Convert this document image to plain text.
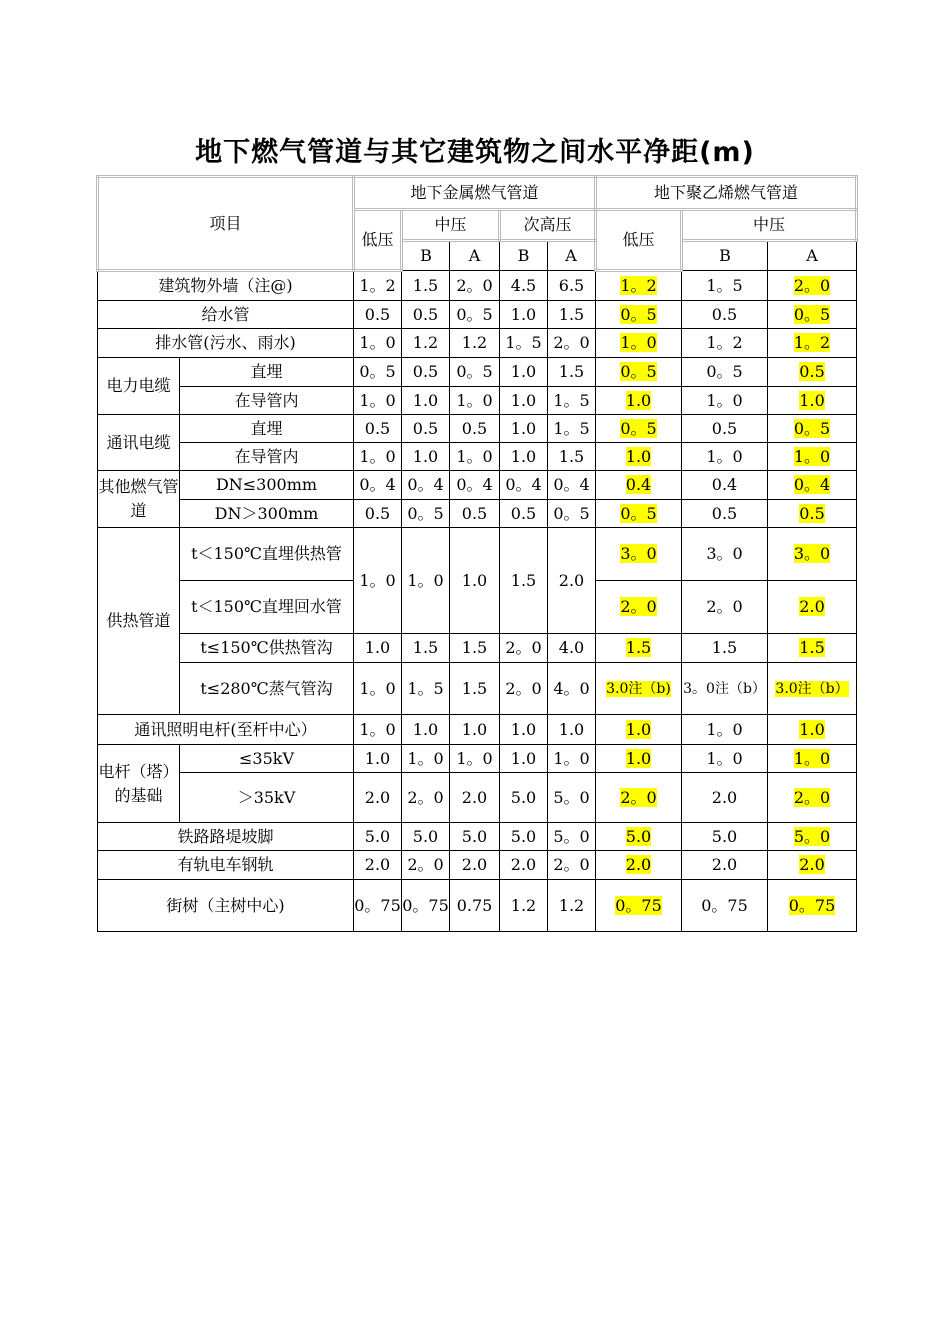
地下燃气管道与其它建筑物之间水平净距(m)
项目		地下金属燃气管道					地下聚乙烯燃气管道		
		低压	中压		次高压		低压	中压	
			B	A	B	A		B	A
建筑物外墙（注@)		1。2	1.5	2。0	4.5	6.5	1。2	1。5	2。0
给水管		0.5	0.5	0。5	1.0	1.5	0。5	0.5	0。5
排水管(污水、雨水)		1。0	1.2	1.2	1。5	2。0	1。0	1。2	1。2
电力电缆	直埋	0。5	0.5	0。5	1.0	1.5	0。5	0。5	0.5
	在导管内	1。0	1.0	1。0	1.0	1。5	1.0	1。0	1.0
通讯电缆	直埋	0.5	0.5	0.5	1.0	1。5	0。5	0.5	0。5
	在导管内	1。0	1.0	1。0	1.0	1.5	1.0	1。0	1。0
其他燃气管道	DN≤300mm	0。4	0。4	0。4	0。4	0。4	0.4	0.4	0。4
	DN＞300mm	0.5	0。5	0.5	0.5	0。5	0。5	0.5	0.5
供热管道	t＜150℃直埋供热管	1。0	1。0	1.0	1.5	2.0	3。0	3。0	3。0
	t＜150℃直埋回水管						2。0	2。0	2.0
	t≤150℃供热管沟	1.0	1.5	1.5	2。0	4.0	1.5	1.5	1.5
	t≤280℃蒸气管沟	1。0	1。5	1.5	2。0	4。0	3.0注（b)	3。0注（b）	3.0注（b）
通讯照明电杆(至杆中心）		1。0	1.0	1.0	1.0	1.0	1.0	1。0	1.0
电杆（塔）的基础	≤35kV	1.0	1。0	1。0	1.0	1。0	1.0	1。0	1。0
	＞35kV	2.0	2。0	2.0	5.0	5。0	2。0	2.0	2。0
铁路路堤坡脚		5.0	5.0	5.0	5.0	5。0	5.0	5.0	5。0
有轨电车钢轨		2.0	2。0	2.0	2.0	2。0	2.0	2.0	2.0
街树（主树中心)		0。75	0。75	0.75	1.2	1.2	0。75	0。75	0。75
